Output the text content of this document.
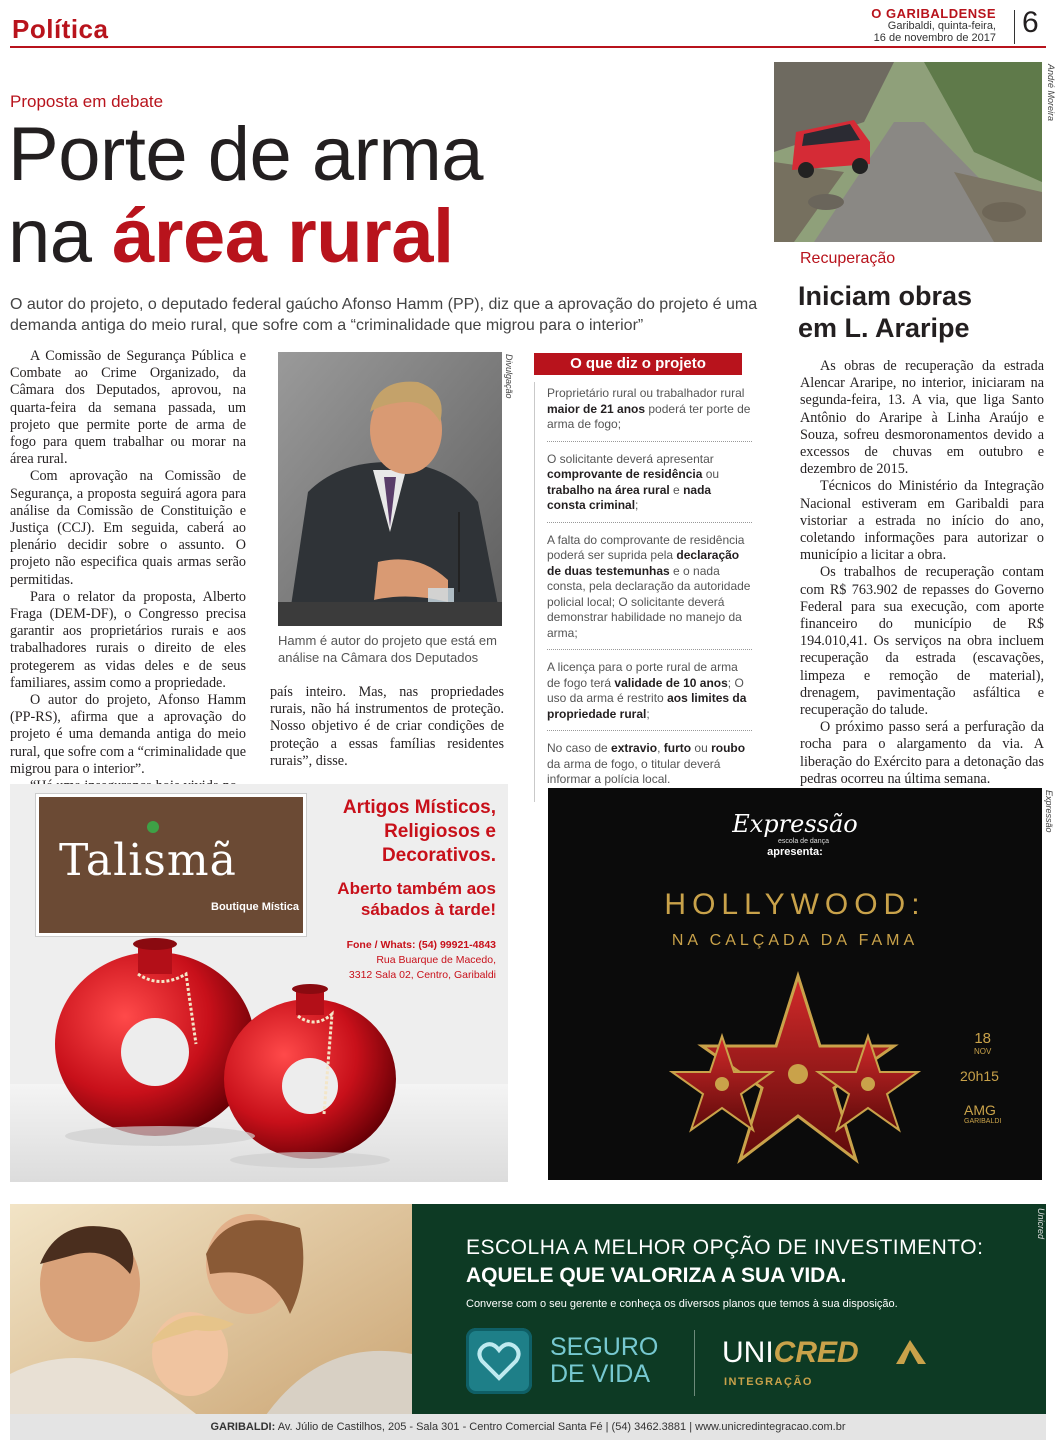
Política
O GARIBALDENSE
Garibaldi, quinta-feira,
16 de novembro de 2017 6
Proposta em debate
Porte de arma
na área rural
O autor do projeto, o deputado federal gaúcho Afonso Hamm (PP), diz que a aprovação do projeto é uma demanda antiga do meio rural, que sofre com a “criminalidade que migrou para o interior”

A Comissão de Segurança Pública e Combate ao Crime Organizado, da Câmara dos Deputados, aprovou, na quarta-feira da semana passada, um projeto que permite porte de arma de fogo para quem trabalhar ou morar na área rural.

Com aprovação na Comissão de Segurança, a proposta seguirá agora para análise da Comissão de Constituição e Justiça (CCJ). Em seguida, caberá ao plenário decidir sobre o assunto. O projeto não especifica quais armas serão permitidas.

Para o relator da proposta, Alberto Fraga (DEM-DF), o Congresso precisa garantir aos proprietários rurais e aos trabalhadores rurais o direito de eles protegerem as vidas deles e de seus familiares, assim como a propriedade.

O autor do projeto, Afonso Hamm (PP-RS), afirma que a aprovação do projeto é uma demanda antiga do meio rural, que sofre com a “criminalidade que migrou para o interior”.

Divulgação
Hamm é autor do projeto que está em análise na Câmara dos Deputados
país inteiro. Mas, nas propriedades rurais, não há instrumentos de proteção. Nosso objetivo é de criar condições de proteção a essas famílias residentes rurais”, disse.
O que diz o projeto
Proprietário rural ou trabalhador rural maior de 21 anos poderá ter porte de arma de fogo;
O solicitante deverá apresentar comprovante de residência ou trabalho na área rural e nada consta criminal;
A falta do comprovante de residência poderá ser suprida pela declaração de duas testemunhas e o nada consta, pela declaração da autoridade policial local; O solicitante deverá demonstrar habilidade no manejo da arma;
A licença para o porte rural de arma de fogo terá validade de 10 anos; O uso da arma é restrito aos limites da propriedade rural;
No caso de extravio, furto ou roubo da arma de fogo, o titular deverá informar a polícia local.
André Moreira
Recuperação
Iniciam obras
em L. Araripe

As obras de recuperação da estrada Alencar Araripe, no interior, iniciaram na segunda-feira, 13. A via, que liga Santo Antônio do Araripe à Linha Araújo e Souza, sofreu desmoronamentos devido a excessos de chuvas em outubro e dezembro de 2015.

Técnicos do Ministério da Integração Nacional estiveram em Garibaldi para vistoriar a estrada no início do ano, coletando informações para autorizar o município a licitar a obra.

Os trabalhos de recuperação contam com R$ 763.902 de repasses do Governo Federal para sua execução, com aporte financeiro do município de R$ 194.010,41. Os serviços na obra incluem recuperação da estrada (escavações, limpeza e remoção de material), drenagem, pavimentação asfáltica e recuperação do talude.

O próximo passo será a perfuração da rocha para o alargamento da via. A liberação do Exército para a detonação das pedras ocorreu na última semana.

Talismã
Boutique Mística
Artigos Místicos,
Religiosos e
Decorativos.
Aberto também aos
sábados à tarde!
Fone / Whats: (54) 99921-4843
Rua Buarque de Macedo,
3312 Sala 02, Centro, Garibaldi
Expressão
escola de dança
apresenta:
HOLLYWOOD:
NA CALÇADA DA FAMA
18
NOV
20h15
AMG
GARIBALDI
Expressão
ESCOLHA A MELHOR OPÇÃO DE INVESTIMENTO:
AQUELE QUE VALORIZA A SUA VIDA.
Converse com o seu gerente e conheça os diversos planos que temos à sua disposição.
SEGURO
DE VIDA
UNICRED
INTEGRAÇÃO
Unicred
GARIBALDI: Av. Júlio de Castilhos, 205 - Sala 301 - Centro Comercial Santa Fé | (54) 3462.3881 | www.unicredintegracao.com.br
